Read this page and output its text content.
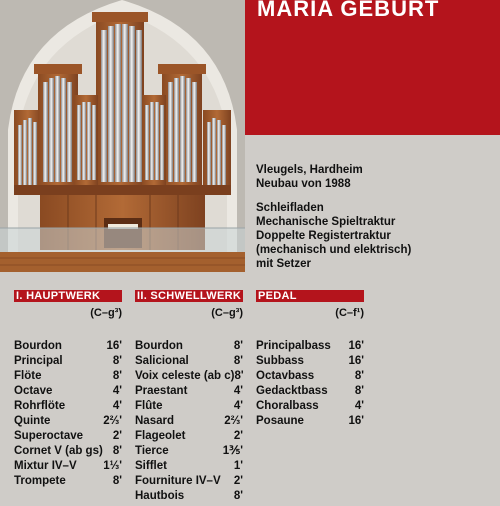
MARIA GEBURT

Vleugels, Hardheim

Neubau von 1988

Schleifladen

Mechanische Spieltraktur

Doppelte Registertraktur

(mechanisch und elektrisch)

mit Setzer

I. HAUPTWERK
(C–g³)
Bourdon	16'
Principal	8'
Flöte	8'
Octave	4'
Rohrflöte	4'
Quinte	2⅔'
Superoctave	2'
Cornet V (ab gs) 8'
Mixtur IV–V 1⅓'
Trompete	8'
II. SCHWELLWERK
(C–g³)
Bourdon	8'
Salicional	8'
Voix celeste (ab c) 8'
Praestant	4'
Flûte	4'
Nasard	2⅔'
Flageolet	2'
Tierce	1⅗'
Sifflet	1'
Fourniture IV–V 2'
Hautbois	8'
PEDAL
(C–f¹)
Principalbass 16'
Subbass	16'
Octavbass	8'
Gedacktbass 8'
Choralbass	4'
Posaune	16'
